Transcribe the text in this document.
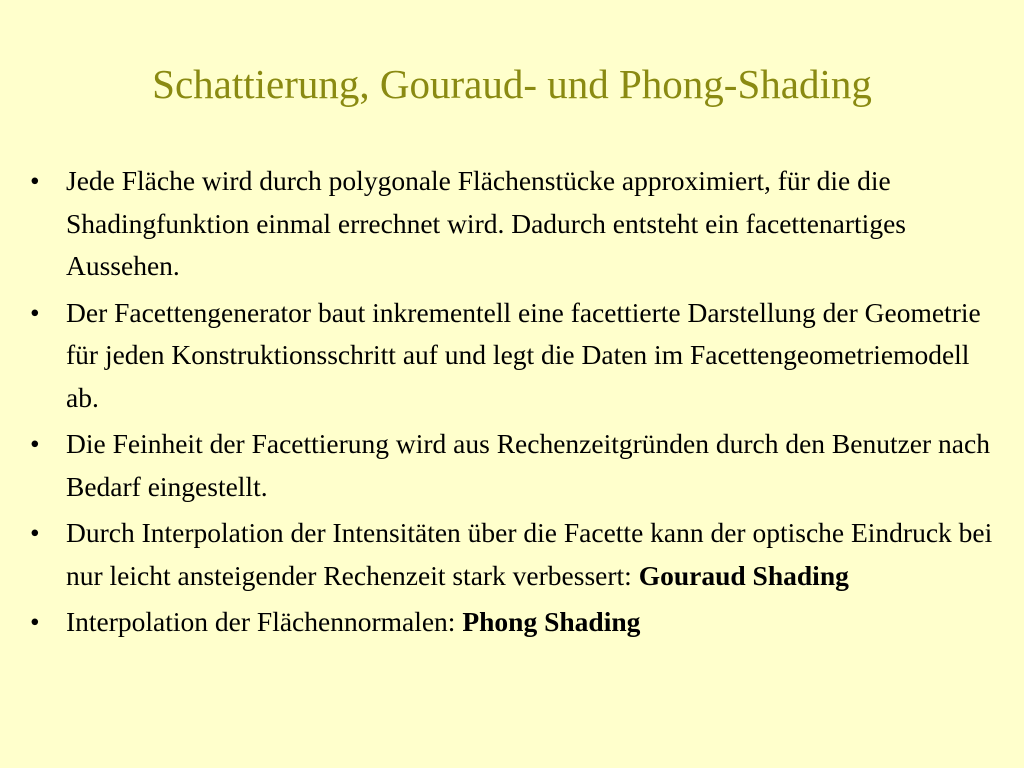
Schattierung, Gouraud- und Phong-Shading
• Jede Fläche wird durch polygonale Flächenstücke approximiert, für die die Shadingfunktion einmal errechnet wird. Dadurch entsteht ein facettenartiges Aussehen.
• Der Facettengenerator baut inkrementell eine facettierte Darstellung der Geometrie für jeden Konstruktionsschritt auf und legt die Daten im Facettengeometriemodell ab.
• Die Feinheit der Facettierung wird aus Rechenzeitgründen durch den Benutzer nach Bedarf eingestellt.
• Durch Interpolation der Intensitäten über die Facette kann der optische Eindruck bei nur leicht ansteigender Rechenzeit stark verbessert: Gouraud Shading
• Interpolation der Flächennormalen: Phong Shading
